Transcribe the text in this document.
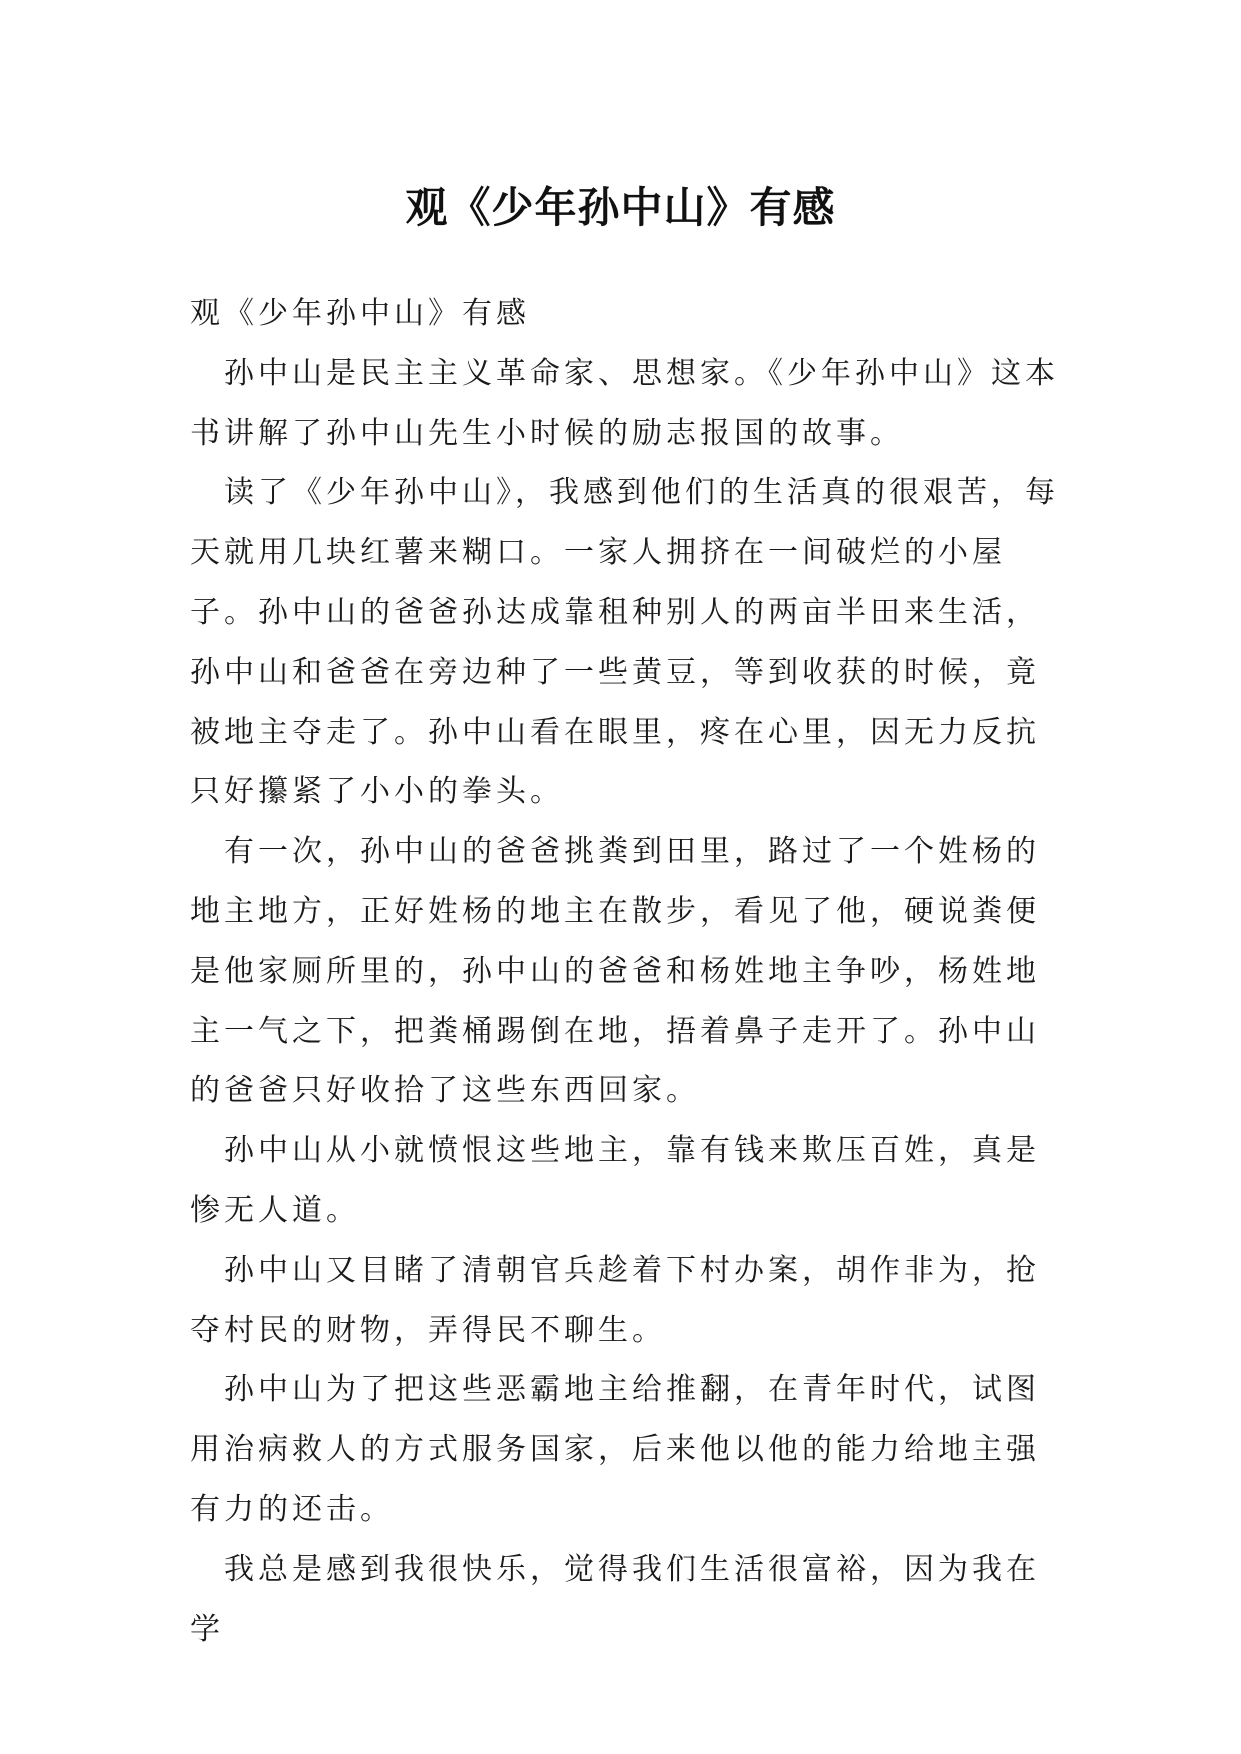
观《少年孙中山》有感

观《少年孙中山》有感

孙中山是民主主义革命家、思想家。《少年孙中山》这本书讲解了孙中山先生小时候的励志报国的故事。

读了《少年孙中山》，我感到他们的生活真的很艰苦，每天就用几块红薯来糊口。一家人拥挤在一间破烂的小屋子。孙中山的爸爸孙达成靠租种别人的两亩半田来生活，孙中山和爸爸在旁边种了一些黄豆，等到收获的时候，竟被地主夺走了。孙中山看在眼里，疼在心里，因无力反抗只好攥紧了小小的拳头。

有一次，孙中山的爸爸挑粪到田里，路过了一个姓杨的地主地方，正好姓杨的地主在散步，看见了他，硬说粪便是他家厕所里的，孙中山的爸爸和杨姓地主争吵，杨姓地主一气之下，把粪桶踢倒在地，捂着鼻子走开了。孙中山的爸爸只好收拾了这些东西回家。

孙中山从小就愤恨这些地主，靠有钱来欺压百姓，真是惨无人道。

孙中山又目睹了清朝官兵趁着下村办案，胡作非为，抢夺村民的财物，弄得民不聊生。

孙中山为了把这些恶霸地主给推翻，在青年时代，试图用治病救人的方式服务国家，后来他以他的能力给地主强有力的还击。

我总是感到我很快乐，觉得我们生活很富裕，因为我在学
